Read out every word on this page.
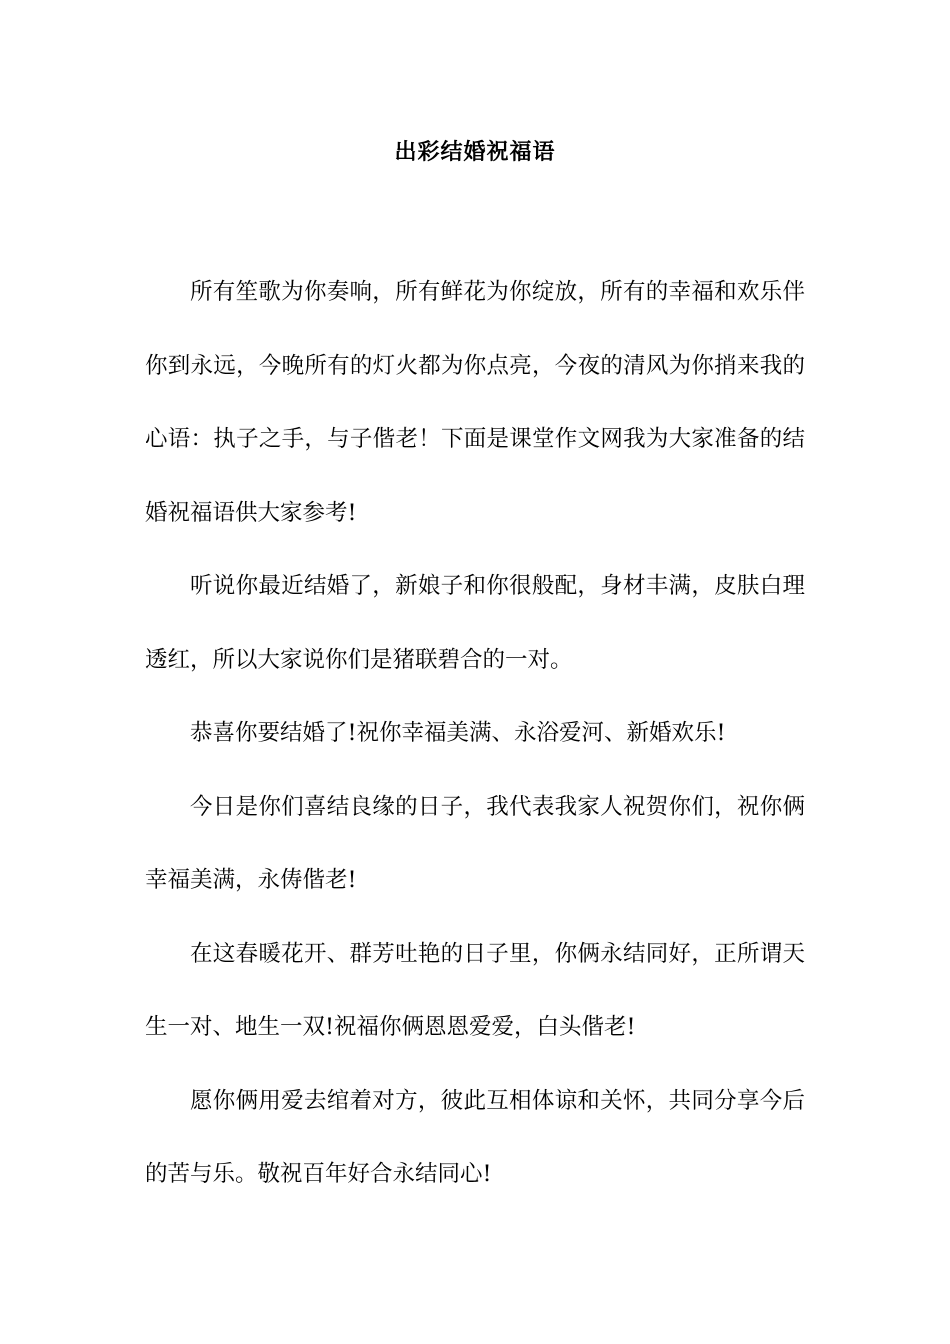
出彩结婚祝福语

所有笙歌为你奏响，所有鲜花为你绽放，所有的幸福和欢乐伴你到永远，今晚所有的灯火都为你点亮，今夜的清风为你捎来我的心语：执子之手，与子偕老！下面是课堂作文网我为大家准备的结婚祝福语供大家参考!

听说你最近结婚了，新娘子和你很般配，身材丰满，皮肤白理透红，所以大家说你们是猪联碧合的一对。

恭喜你要结婚了!祝你幸福美满、永浴爱河、新婚欢乐!

今日是你们喜结良缘的日子，我代表我家人祝贺你们，祝你俩幸福美满，永俦偕老!

在这春暖花开、群芳吐艳的日子里，你俩永结同好，正所谓天生一对、地生一双!祝福你俩恩恩爱爱，白头偕老!

愿你俩用爱去绾着对方，彼此互相体谅和关怀，共同分享今后的苦与乐。敬祝百年好合永结同心!
